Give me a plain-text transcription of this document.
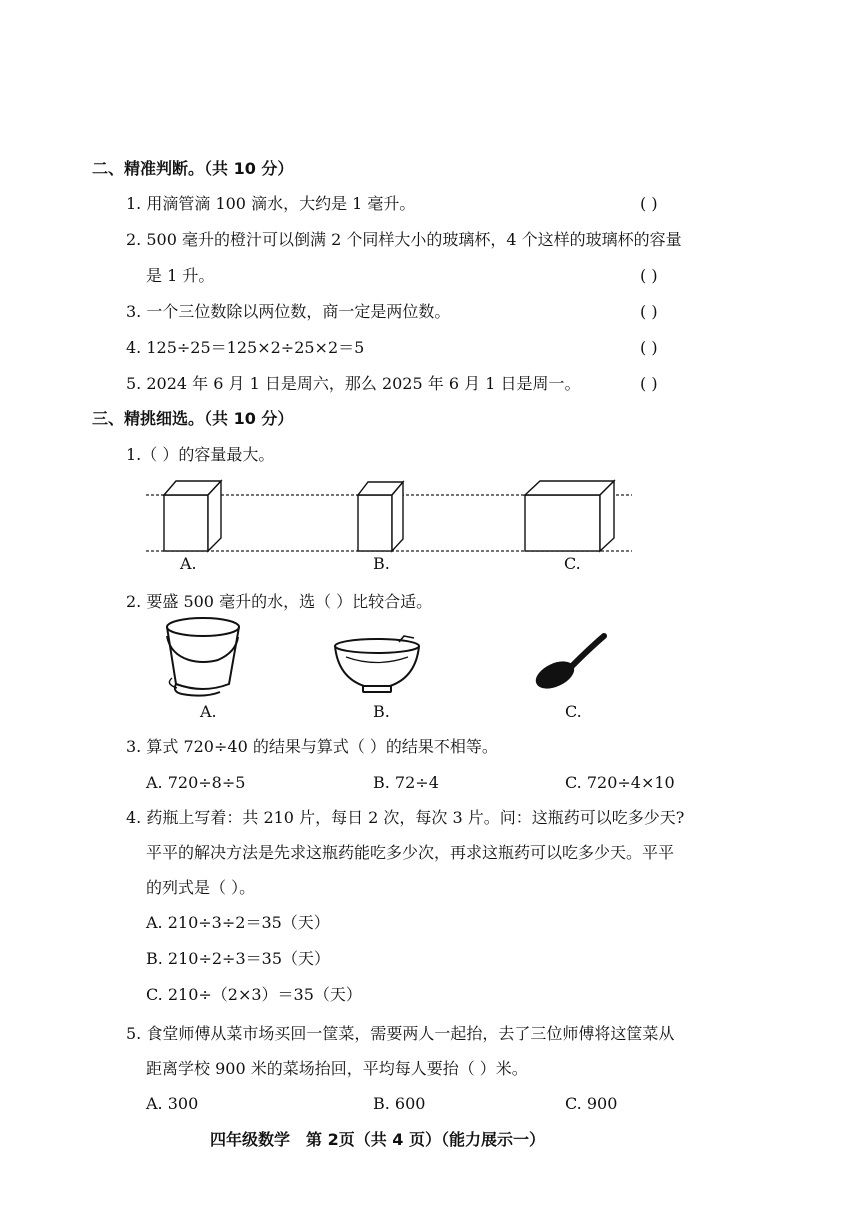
二、精准判断。（共 10 分）
1. 用滴管滴 100 滴水，大约是 1 毫升。	( )
2. 500 毫升的橙汁可以倒满 2 个同样大小的玻璃杯，4 个这样的玻璃杯的容量
是 1 升。	( )
3. 一个三位数除以两位数，商一定是两位数。	( )
4. 125÷25＝125×2÷25×2＝5	( )
5. 2024 年 6 月 1 日是周六，那么 2025 年 6 月 1 日是周一。	( )
三、精挑细选。（共 10 分）
1.（ ）的容量最大。
A.	B.	C.
2. 要盛 500 毫升的水，选（ ）比较合适。
A.	B.	C.
3. 算式 720÷40 的结果与算式（ ）的结果不相等。
A. 720÷8÷5	B. 72÷4	C. 720÷4×10
4. 药瓶上写着：共 210 片，每日 2 次，每次 3 片。问：这瓶药可以吃多少天?
平平的解决方法是先求这瓶药能吃多少次，再求这瓶药可以吃多少天。平平
的列式是（ ）。
A. 210÷3÷2＝35（天）
B. 210÷2÷3＝35（天）
C. 210÷（2×3）＝35（天）
5. 食堂师傅从菜市场买回一筐菜，需要两人一起抬，去了三位师傅将这筐菜从
距离学校 900 米的菜场抬回，平均每人要抬（ ）米。
A. 300	B. 600	C. 900
四年级数学　第 2页（共 4 页）（能力展示一）
